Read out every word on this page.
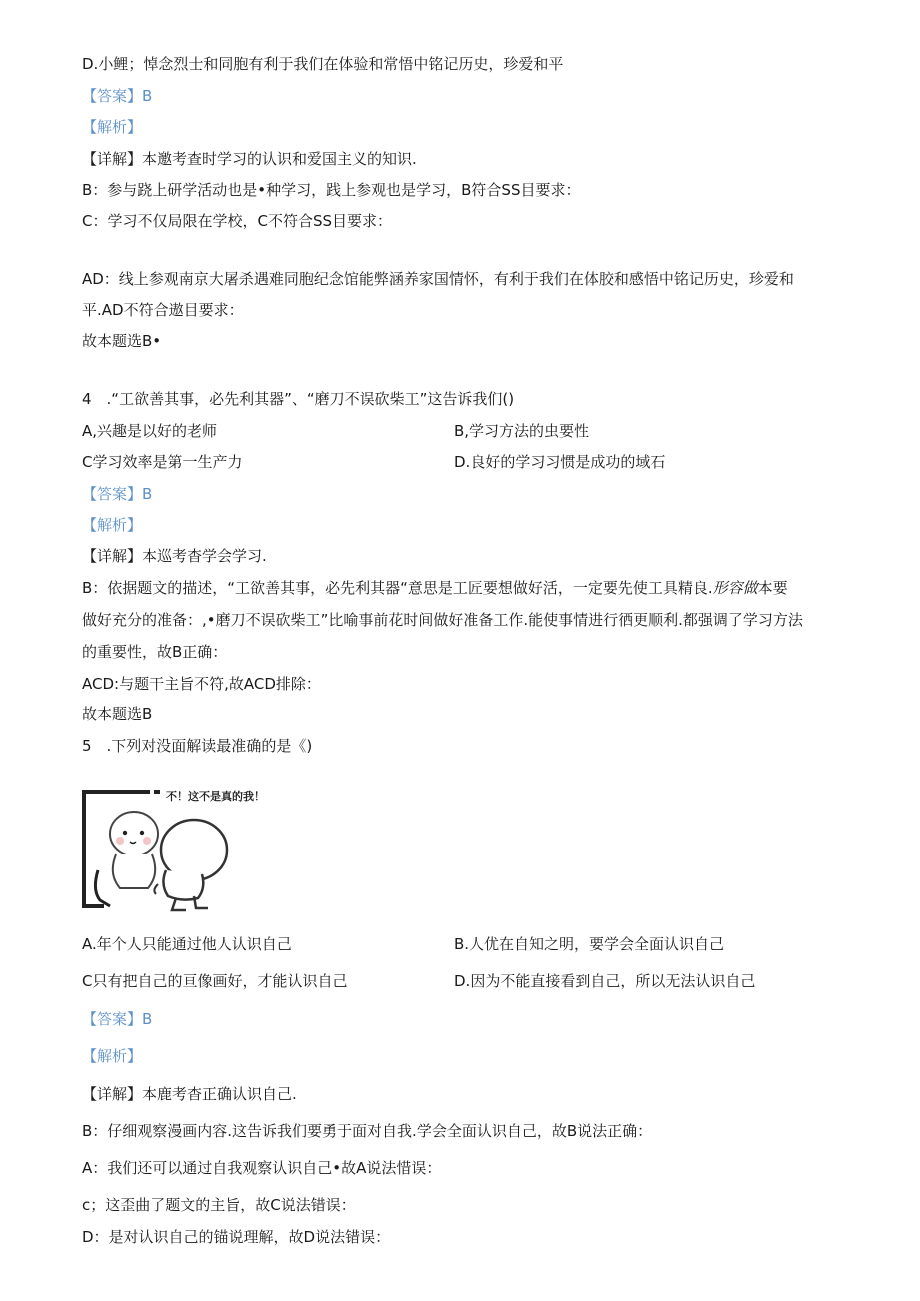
D.小鲤；悼念烈士和同胞有利于我们在体验和常悟中铭记历史，珍爱和平
【答案】B
【解析】
【详解】本邀考查时学习的认识和爱国主义的知识.
B：参与跷上研学活动也是•种学习，践上参观也是学习，B符合SS目要求：
C：学习不仅局限在学校，C不符合SS目要求：
AD：线上参观南京大屠杀遇难同胞纪念馆能弊涵养家国情怀，有利于我们在体胶和感悟中铭记历史，珍爱和
平.AD不符合遨目要求：
故本题选B•
4　.“工欲善其事，必先利其器”、“磨刀不误砍柴工”这告诉我们()
A,兴趣是以好的老师	B,学习方法的虫要性
C学习效率是第一生产力	D.良好的学习习惯是成功的域石
【答案】B
【解析】
【详解】本巡考杳学会学习.
B：依据题文的描述，“工欲善其事，必先利其器“意思是工匠要想做好活，一定要先使工具精良.形容做本要
做好充分的准备：,•磨刀不误砍柴工”比喻事前花时间做好准备工作.能使事情进行徆更顺利.都强调了学习方法
的重要性，故B正确：
ACD:与题干主旨不符,故ACD排除：
故本题选B
5　.下列对没面解读最准确的是《)
不！这不是真的我！
A.年个人只能通过他人认识自己	B.人优在自知之明，要学会全面认识自己
C只有把自己的亘像画好，才能认识自己	D.因为不能直接看到自己，所以无法认识自己
【答案】B
【解析】
【详解】本鹿考杳正确认识自己.
B：仔细观察漫画内容.这告诉我们要勇于面对自我.学会全面认识自己，故B说法正确：
A：我们还可以通过自我观察认识自己•故A说法惜误：
c；这歪曲了题文的主旨，故C说法错误：
D：是对认识自己的锚说理解，故D说法错误：
